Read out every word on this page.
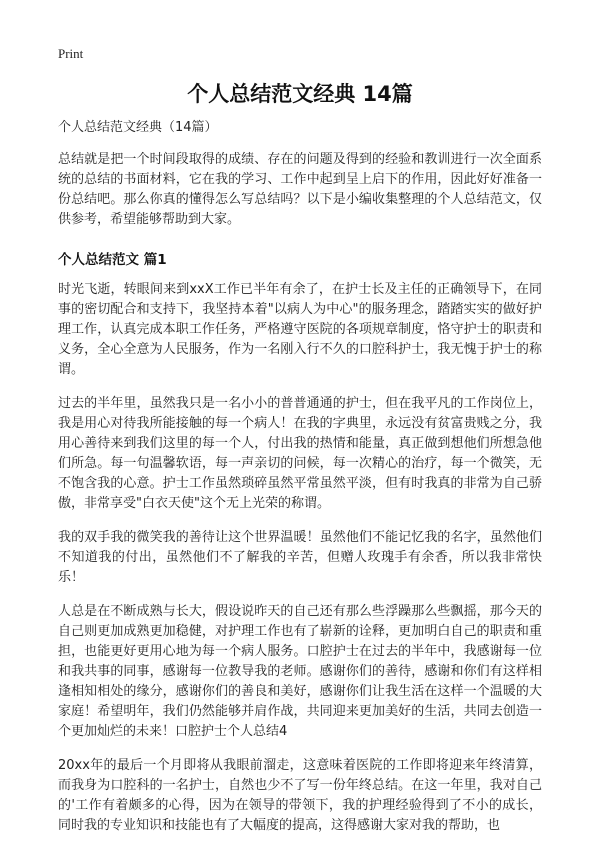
Print
个人总结范文经典 14篇
个人总结范文经典（14篇）

总结就是把一个时间段取得的成绩、存在的问题及得到的经验和教训进行一次全面系统的总结的书面材料，它在我的学习、工作中起到呈上启下的作用，因此好好准备一份总结吧。那么你真的懂得怎么写总结吗？以下是小编收集整理的个人总结范文，仅供参考，希望能够帮助到大家。

个人总结范文 篇1

时光飞逝，转眼间来到xxX工作已半年有余了，在护士长及主任的正确领导下，在同事的密切配合和支持下，我坚持本着"以病人为中心"的服务理念，踏踏实实的做好护理工作，认真完成本职工作任务，严格遵守医院的各项规章制度，恪守护士的职责和义务，全心全意为人民服务，作为一名刚入行不久的口腔科护士，我无愧于护士的称谓。

过去的半年里，虽然我只是一名小小的普普通通的护士，但在我平凡的工作岗位上，我是用心对待我所能接触的每一个病人！在我的字典里，永远没有贫富贵贱之分，我用心善待来到我们这里的每一个人，付出我的热情和能量，真正做到想他们所想急他们所急。每一句温馨软语，每一声亲切的问候，每一次精心的治疗，每一个微笑，无不饱含我的心意。护士工作虽然琐碎虽然平常虽然平淡，但有时我真的非常为自己骄傲，非常享受"白衣天使"这个无上光荣的称谓。

我的双手我的微笑我的善待让这个世界温暖！虽然他们不能记忆我的名字，虽然他们不知道我的付出，虽然他们不了解我的辛苦，但赠人玫瑰手有余香，所以我非常快乐！

人总是在不断成熟与长大，假设说昨天的自己还有那么些浮躁那么些飘摇，那今天的自己则更加成熟更加稳健，对护理工作也有了崭新的诠释，更加明白自己的职责和重担，也能更好更用心地为每一个病人服务。口腔护士在过去的半年中，我感谢每一位和我共事的同事，感谢每一位教导我的老师。感谢你们的善待，感谢和你们有这样相逢相知相处的缘分，感谢你们的善良和美好，感谢你们让我生活在这样一个温暖的大家庭！希望明年，我们仍然能够并肩作战，共同迎来更加美好的生活，共同去创造一个更加灿烂的未来！口腔护士个人总结4

20xx年的最后一个月即将从我眼前溜走，这意味着医院的工作即将迎来年终清算，而我身为口腔科的一名护士，自然也少不了写一份年终总结。在这一年里，我对自己的'工作有着颇多的心得，因为在领导的带领下，我的护理经验得到了不小的成长，同时我的专业知识和技能也有了大幅度的提高，这得感谢大家对我的帮助，也
